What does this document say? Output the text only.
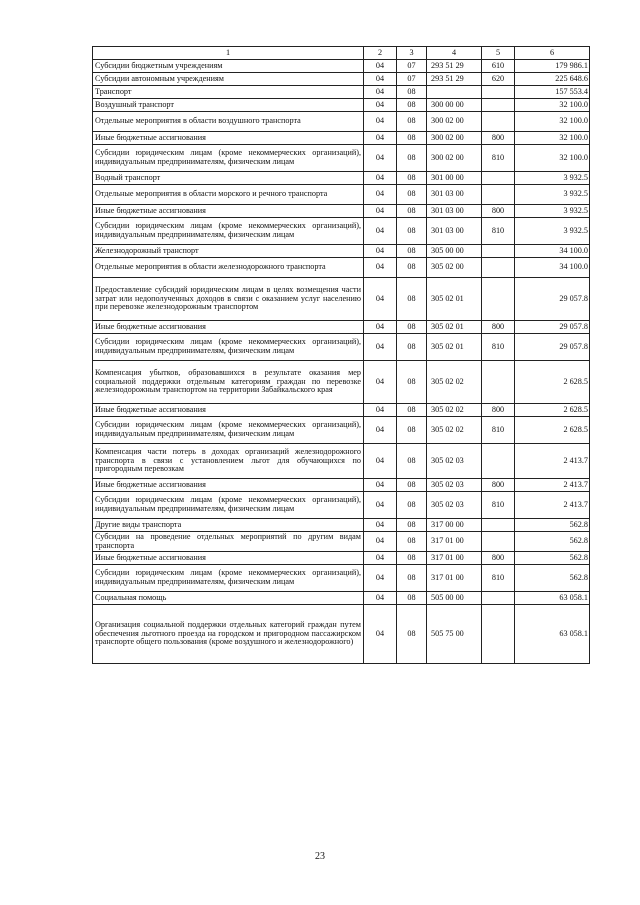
1	2	3	4	5	6
Субсидии бюджетным учреждениям	04	07	293 51 29	610	179 986.1
Субсидии автономным учреждениям	04	07	293 51 29	620	225 648.6
Транспорт	04	08			157 553.4
Воздушный транспорт	04	08	300 00 00		32 100.0
Отдельные мероприятия в области воздушного транспорта	04	08	300 02 00		32 100.0
Иные бюджетные ассигнования	04	08	300 02 00	800	32 100.0
Субсидии юридическим лицам (кроме некоммерческих организаций), индивидуальным предпринимателям, физическим лицам	04	08	300 02 00	810	32 100.0
Водный транспорт	04	08	301 00 00		3 932.5
Отдельные мероприятия в области морского и речного транспорта	04	08	301 03 00		3 932.5
Иные бюджетные ассигнования	04	08	301 03 00	800	3 932.5
Субсидии юридическим лицам (кроме некоммерческих организаций), индивидуальным предпринимателям, физическим лицам	04	08	301 03 00	810	3 932.5
Железнодорожный транспорт	04	08	305 00 00		34 100.0
Отдельные мероприятия в области железнодорожного транспорта	04	08	305 02 00		34 100.0
Предоставление субсидий юридическим лицам в целях возмещения части затрат или недополученных доходов в связи с оказанием услуг населению при перевозке железнодорожным транспортом	04	08	305 02 01		29 057.8
Иные бюджетные ассигнования	04	08	305 02 01	800	29 057.8
Субсидии юридическим лицам (кроме некоммерческих организаций), индивидуальным предпринимателям, физическим лицам	04	08	305 02 01	810	29 057.8
Компенсация убытков, образовавшихся в результате оказания мер социальной поддержки отдельным категориям граждан по перевозке железнодорожным транспортом на территории Забайкальского края	04	08	305 02 02		2 628.5
Иные бюджетные ассигнования	04	08	305 02 02	800	2 628.5
Субсидии юридическим лицам (кроме некоммерческих организаций), индивидуальным предпринимателям, физическим лицам	04	08	305 02 02	810	2 628.5
Компенсация части потерь в доходах организаций железнодорожного транспорта в связи с установлением льгот для обучающихся по пригородным перевозкам	04	08	305 02 03		2 413.7
Иные бюджетные ассигнования	04	08	305 02 03	800	2 413.7
Субсидии юридическим лицам (кроме некоммерческих организаций), индивидуальным предпринимателям, физическим лицам	04	08	305 02 03	810	2 413.7
Другие виды транспорта	04	08	317 00 00		562.8
Субсидии на проведение отдельных мероприятий по другим видам транспорта	04	08	317 01 00		562.8
Иные бюджетные ассигнования	04	08	317 01 00	800	562.8
Субсидии юридическим лицам (кроме некоммерческих организаций), индивидуальным предпринимателям, физическим лицам	04	08	317 01 00	810	562.8
Социальная помощь	04	08	505 00 00		63 058.1
Организация социальной поддержки отдельных категорий граждан путем обеспечения льготного проезда на городском и пригородном пассажирском транспорте общего пользования (кроме воздушного и железнодорожного)	04	08	505 75 00		63 058.1
23
